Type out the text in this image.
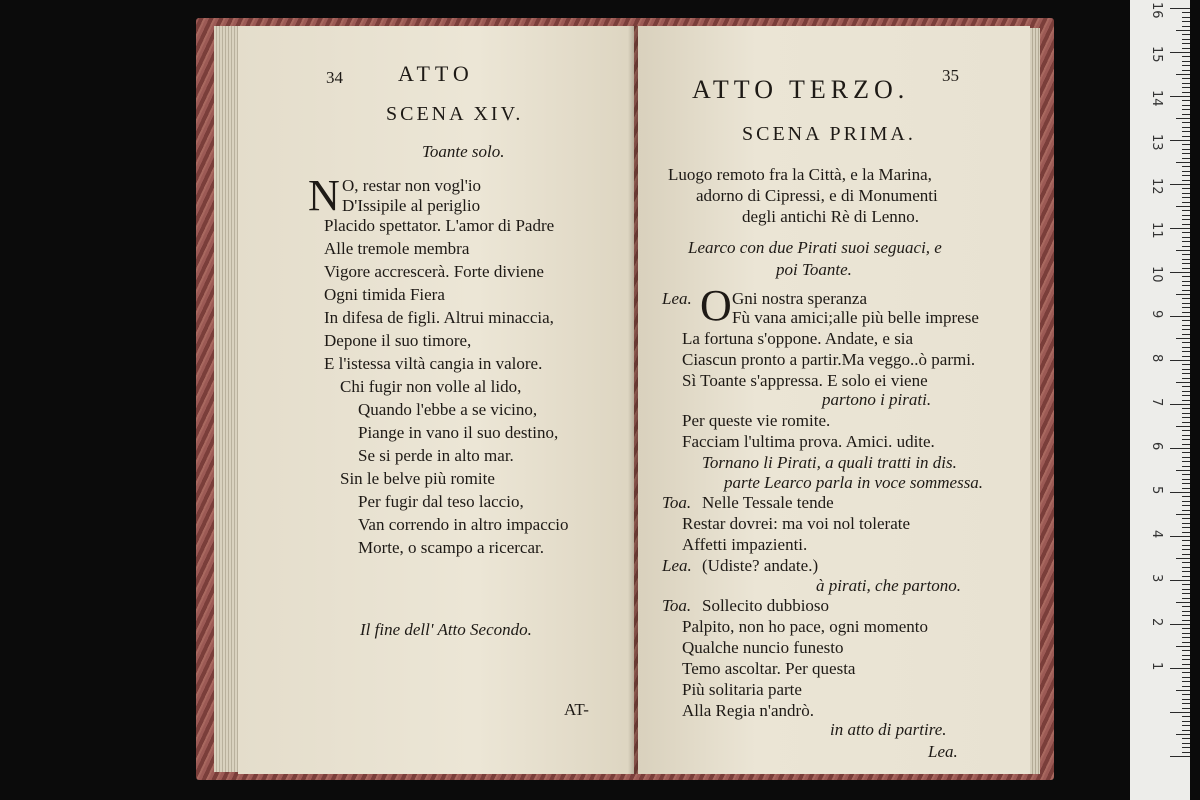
34	ATTO
SCENA XIV.
Toante solo.
N O, restar non vogl'io
D'Issipile al periglio
Placido spettator. L'amor di Padre
Alle tremole membra
Vigore accrescerà. Forte diviene
Ogni timida Fiera
In difesa de figli. Altrui minaccia,
Depone il suo timore,
E l'istessa viltà cangia in valore.
Chi fugir non volle al lido,
Quando l'ebbe a se vicino,
Piange in vano il suo destino,
Se si perde in alto mar.
Sin le belve più romite
Per fugir dal teso laccio,
Van correndo in altro impaccio
Morte, o scampo a ricercar.
Il fine dell' Atto Secondo.
AT-
35
ATTO TERZO.
SCENA PRIMA.
Luogo remoto fra la Città, e la Marina,
adorno di Cipressi, e di Monumenti
degli antichi Rè di Lenno.
Learco con due Pirati suoi seguaci, e
poi Toante.
Lea. O Gni nostra speranza
Fù vana amici;alle più belle imprese
La fortuna s'oppone. Andate, e sia
Ciascun pronto a partir.Ma veggo..ò parmi.
Sì Toante s'appressa. E solo ei viene
partono i pirati.
Per queste vie romite.
Facciam l'ultima prova. Amici. udite.
Tornano li Pirati, a quali tratti in dis.
parte Learco parla in voce sommessa.
Toa. Nelle Tessale tende
Restar dovrei: ma voi nol tolerate
Affetti impazienti.
Lea. (Udiste? andate.)
à pirati, che partono.
Toa. Sollecito dubbioso
Palpito, non ho pace, ogni momento
Qualche nuncio funesto
Temo ascoltar. Per questa
Più solitaria parte
Alla Regia n'andrò.
in atto di partire.
Lea.
16
15
14
13
12
11
10
9
8
7
6
5
4
3
2
1
